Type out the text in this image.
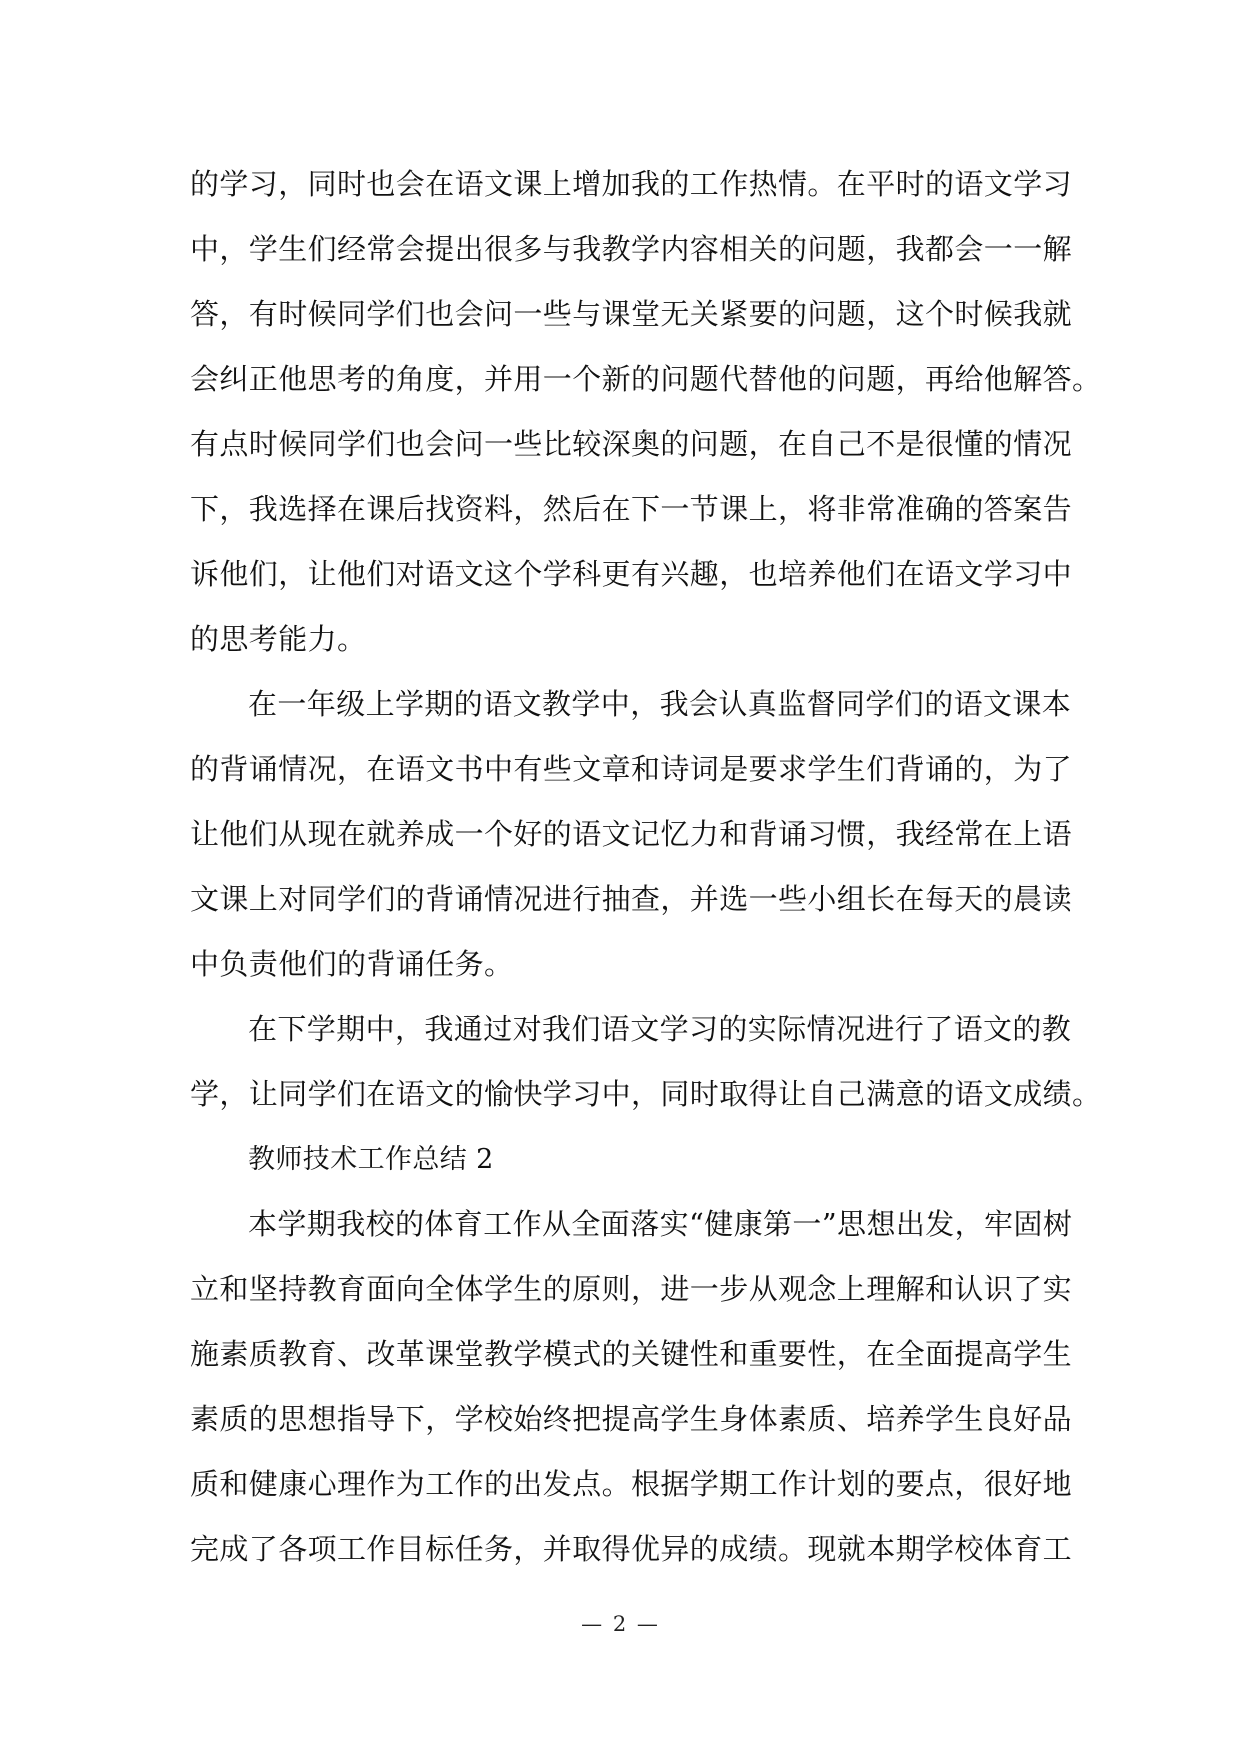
的学习，同时也会在语文课上增加我的工作热情。在平时的语文学习
中，学生们经常会提出很多与我教学内容相关的问题，我都会一一解
答，有时候同学们也会问一些与课堂无关紧要的问题，这个时候我就
会纠正他思考的角度，并用一个新的问题代替他的问题，再给他解答。
有点时候同学们也会问一些比较深奥的问题，在自己不是很懂的情况
下，我选择在课后找资料，然后在下一节课上，将非常准确的答案告
诉他们，让他们对语文这个学科更有兴趣，也培养他们在语文学习中
的思考能力。
在一年级上学期的语文教学中，我会认真监督同学们的语文课本
的背诵情况，在语文书中有些文章和诗词是要求学生们背诵的，为了
让他们从现在就养成一个好的语文记忆力和背诵习惯，我经常在上语
文课上对同学们的背诵情况进行抽查，并选一些小组长在每天的晨读
中负责他们的背诵任务。
在下学期中，我通过对我们语文学习的实际情况进行了语文的教
学，让同学们在语文的愉快学习中，同时取得让自己满意的语文成绩。
教师技术工作总结 2
本学期我校的体育工作从全面落实“健康第一”思想出发，牢固树
立和坚持教育面向全体学生的原则，进一步从观念上理解和认识了实
施素质教育、改革课堂教学模式的关键性和重要性，在全面提高学生
素质的思想指导下，学校始终把提高学生身体素质、培养学生良好品
质和健康心理作为工作的出发点。根据学期工作计划的要点，很好地
完成了各项工作目标任务，并取得优异的成绩。现就本期学校体育工
— 2 —
